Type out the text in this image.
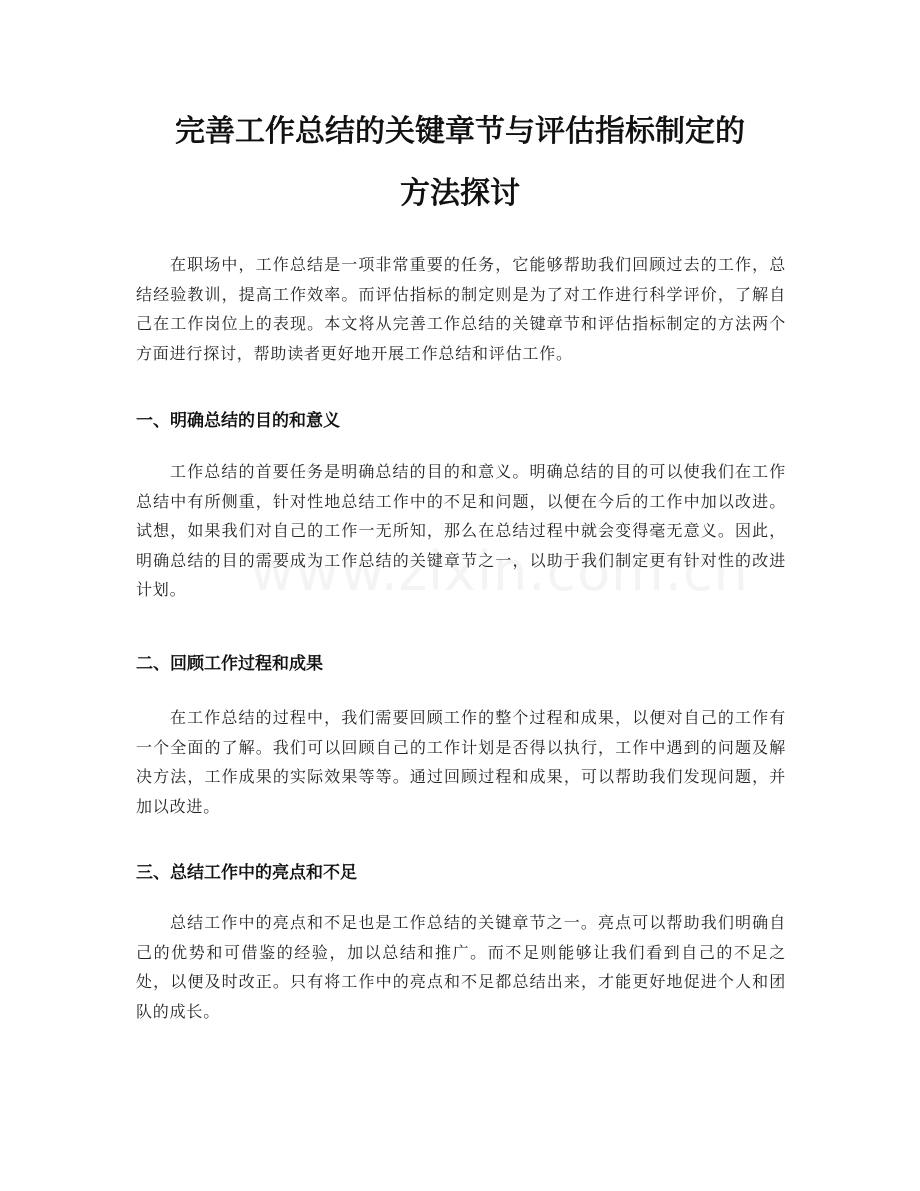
完善工作总结的关键章节与评估指标制定的
方法探讨

在职场中，工作总结是一项非常重要的任务，它能够帮助我们回顾过去的工作，总结经验教训，提高工作效率。而评估指标的制定则是为了对工作进行科学评价，了解自己在工作岗位上的表现。本文将从完善工作总结的关键章节和评估指标制定的方法两个方面进行探讨，帮助读者更好地开展工作总结和评估工作。

一、明确总结的目的和意义

工作总结的首要任务是明确总结的目的和意义。明确总结的目的可以使我们在工作总结中有所侧重，针对性地总结工作中的不足和问题，以便在今后的工作中加以改进。试想，如果我们对自己的工作一无所知，那么在总结过程中就会变得毫无意义。因此，明确总结的目的需要成为工作总结的关键章节之一，以助于我们制定更有针对性的改进计划。

二、回顾工作过程和成果

在工作总结的过程中，我们需要回顾工作的整个过程和成果，以便对自己的工作有一个全面的了解。我们可以回顾自己的工作计划是否得以执行，工作中遇到的问题及解决方法，工作成果的实际效果等等。通过回顾过程和成果，可以帮助我们发现问题，并加以改进。

三、总结工作中的亮点和不足

总结工作中的亮点和不足也是工作总结的关键章节之一。亮点可以帮助我们明确自己的优势和可借鉴的经验，加以总结和推广。而不足则能够让我们看到自己的不足之处，以便及时改正。只有将工作中的亮点和不足都总结出来，才能更好地促进个人和团队的成长。
